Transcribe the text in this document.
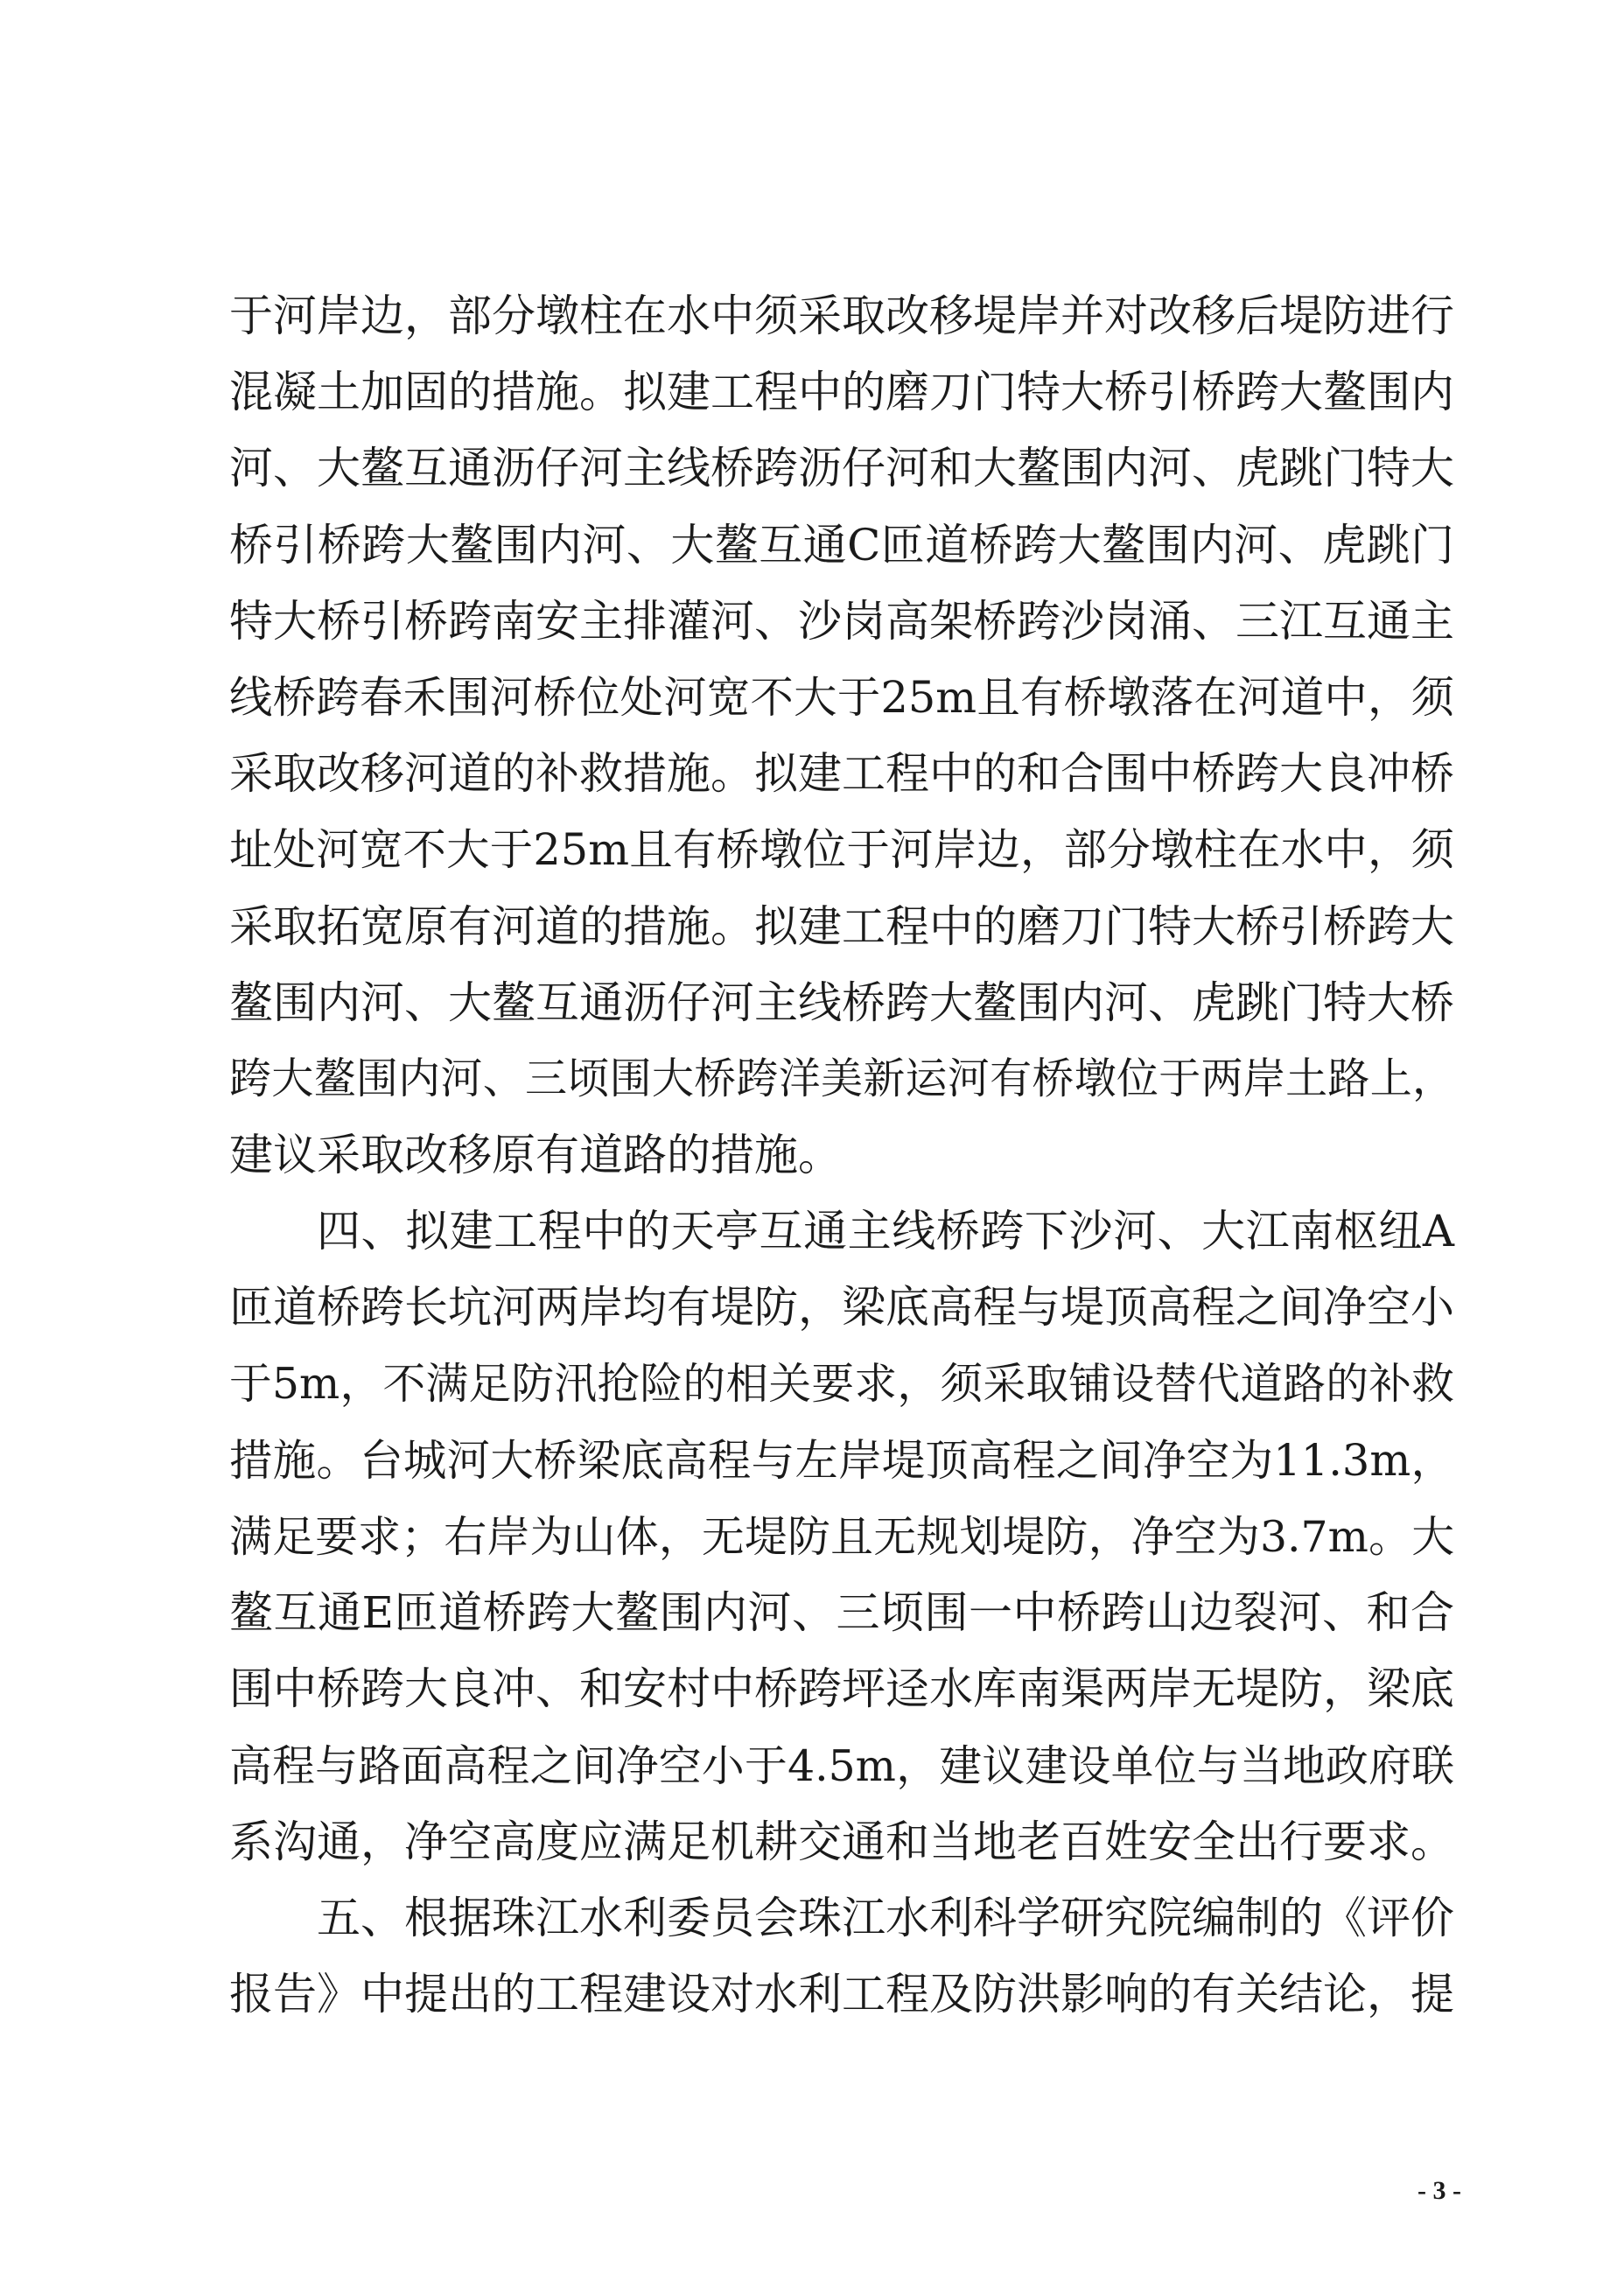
于河岸边，部分墩柱在水中须采取改移堤岸并对改移后堤防进行
混凝土加固的措施。拟建工程中的磨刀门特大桥引桥跨大鳌围内
河、大鳌互通沥仔河主线桥跨沥仔河和大鳌围内河、虎跳门特大
桥引桥跨大鳌围内河、大鳌互通C匝道桥跨大鳌围内河、虎跳门
特大桥引桥跨南安主排灌河、沙岗高架桥跨沙岗涌、三江互通主
线桥跨春禾围河桥位处河宽不大于25m且有桥墩落在河道中，须
采取改移河道的补救措施。拟建工程中的和合围中桥跨大良冲桥
址处河宽不大于25m且有桥墩位于河岸边，部分墩柱在水中，须
采取拓宽原有河道的措施。拟建工程中的磨刀门特大桥引桥跨大
鳌围内河、大鳌互通沥仔河主线桥跨大鳌围内河、虎跳门特大桥
跨大鳌围内河、三顷围大桥跨洋美新运河有桥墩位于两岸土路上，
建议采取改移原有道路的措施。
四、拟建工程中的天亭互通主线桥跨下沙河、大江南枢纽A
匝道桥跨长坑河两岸均有堤防，梁底高程与堤顶高程之间净空小
于5m，不满足防汛抢险的相关要求，须采取铺设替代道路的补救
措施。台城河大桥梁底高程与左岸堤顶高程之间净空为11.3m，
满足要求；右岸为山体，无堤防且无规划堤防，净空为3.7m。大
鳌互通E匝道桥跨大鳌围内河、三顷围一中桥跨山边裂河、和合
围中桥跨大良冲、和安村中桥跨坪迳水库南渠两岸无堤防，梁底
高程与路面高程之间净空小于4.5m，建议建设单位与当地政府联
系沟通，净空高度应满足机耕交通和当地老百姓安全出行要求。
五、根据珠江水利委员会珠江水利科学研究院编制的《评价
报告》中提出的工程建设对水利工程及防洪影响的有关结论，提
- 3 -
